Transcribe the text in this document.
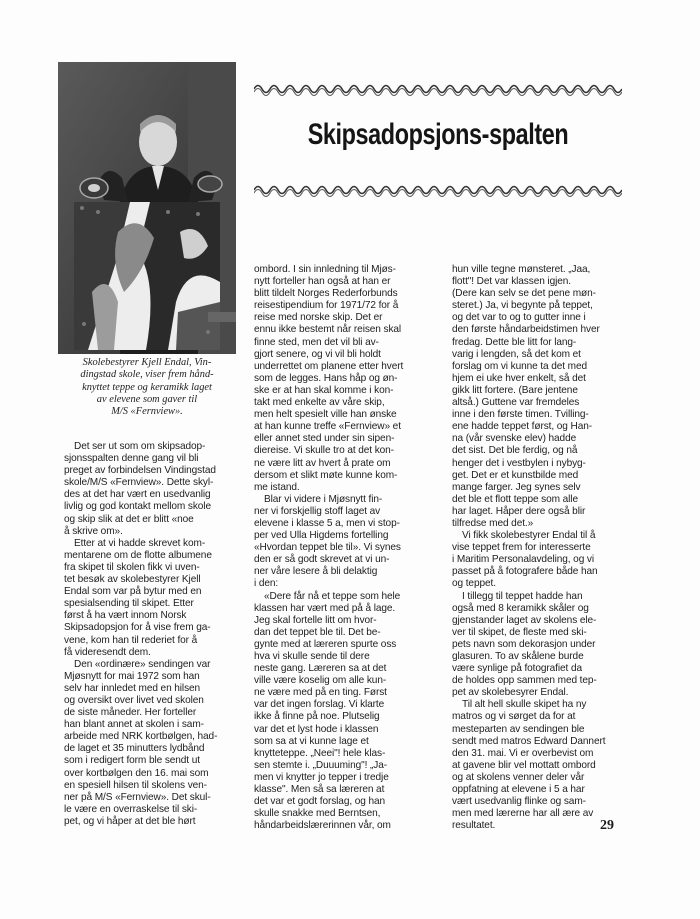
Skolebestyrer Kjell Endal, Vin-
dingstad skole, viser frem hånd-
knyttet teppe og keramikk laget
av elevene som gaver til
M/S «Fernview».
Skipsadopsjons-spalten
Det ser ut som om skipsadop-
sjonsspalten denne gang vil bli
preget av forbindelsen Vindingstad
skole/M/S «Fernview». Dette skyl-
des at det har vært en usedvanlig
livlig og god kontakt mellom skole
og skip slik at det er blitt «noe
å skrive om».
Etter at vi hadde skrevet kom-
mentarene om de flotte albumene
fra skipet til skolen fikk vi uven-
tet besøk av skolebestyrer Kjell
Endal som var på bytur med en
spesialsending til skipet. Etter
først å ha vært innom Norsk
Skipsadopsjon for å vise frem ga-
vene, kom han til rederiet for å
få videresendt dem.
Den «ordinære» sendingen var
Mjøsnytt for mai 1972 som han
selv har innledet med en hilsen
og oversikt over livet ved skolen
de siste måneder. Her forteller
han blant annet at skolen i sam-
arbeide med NRK kortbølgen, had-
de laget et 35 minutters lydbånd
som i redigert form ble sendt ut
over kortbølgen den 16. mai som
en spesiell hilsen til skolens ven-
ner på M/S «Fernview». Det skul-
le være en overraskelse til ski-
pet, og vi håper at det ble hørt
ombord. I sin innledning til Mjøs-
nytt forteller han også at han er
blitt tildelt Norges Rederforbunds
reisestipendium for 1971/72 for å
reise med norske skip. Det er
ennu ikke bestemt når reisen skal
finne sted, men det vil bli av-
gjort senere, og vi vil bli holdt
underrettet om planene etter hvert
som de legges. Hans håp og øn-
ske er at han skal komme i kon-
takt med enkelte av våre skip,
men helt spesielt ville han ønske
at han kunne treffe «Fernview» et
eller annet sted under sin sipen-
diereise. Vi skulle tro at det kon-
ne være litt av hvert å prate om
dersom et slikt møte kunne kom-
me istand.
Blar vi videre i Mjøsnytt fin-
ner vi forskjellig stoff laget av
elevene i klasse 5 a, men vi stop-
per ved Ulla Higdems fortelling
«Hvordan teppet ble til». Vi synes
den er så godt skrevet at vi un-
ner våre lesere å bli delaktig
i den:
«Dere får nå et teppe som hele
klassen har vært med på å lage.
Jeg skal fortelle litt om hvor-
dan det teppet ble til. Det be-
gynte med at læreren spurte oss
hva vi skulle sende til dere
neste gang. Læreren sa at det
ville være koselig om alle kun-
ne være med på en ting. Først
var det ingen forslag. Vi klarte
ikke å finne på noe. Plutselig
var det et lyst hode i klassen
som sa at vi kunne lage et
knytteteppe. „Neei"! hele klas-
sen stemte i. „Duuuming"! „Ja-
men vi knytter jo tepper i tredje
klasse". Men så sa læreren at
det var et godt forslag, og han
skulle snakke med Berntsen,
håndarbeidslærerinnen vår, om
hun ville tegne mønsteret. „Jaa,
flott"! Det var klassen igjen.
(Dere kan selv se det pene møn-
steret.) Ja, vi begynte på teppet,
og det var to og to gutter inne i
den første håndarbeidstimen hver
fredag. Dette ble litt for lang-
varig i lengden, så det kom et
forslag om vi kunne ta det med
hjem ei uke hver enkelt, så det
gikk litt fortere. (Bare jentene
altså.) Guttene var fremdeles
inne i den første timen. Tvilling-
ene hadde teppet først, og Han-
na (vår svenske elev) hadde
det sist. Det ble ferdig, og nå
henger det i vestbylen i nybyg-
get. Det er et kunstbilde med
mange farger. Jeg synes selv
det ble et flott teppe som alle
har laget. Håper dere også blir
tilfredse med det.»
Vi fikk skolebestyrer Endal til å
vise teppet frem for interesserte
i Maritim Personalavdeling, og vi
passet på å fotografere både han
og teppet.
I tillegg til teppet hadde han
også med 8 keramikk skåler og
gjenstander laget av skolens ele-
ver til skipet, de fleste med ski-
pets navn som dekorasjon under
glasuren. To av skålene burde
være synlige på fotografiet da
de holdes opp sammen med tep-
pet av skolebesyrer Endal.
Til alt hell skulle skipet ha ny
matros og vi sørget da for at
mesteparten av sendingen ble
sendt med matros Edward Dannert
den 31. mai. Vi er overbevist om
at gavene blir vel mottatt ombord
og at skolens venner deler vår
oppfatning at elevene i 5 a har
vært usedvanlig flinke og sam-
men med lærerne har all ære av
resultatet.	29
